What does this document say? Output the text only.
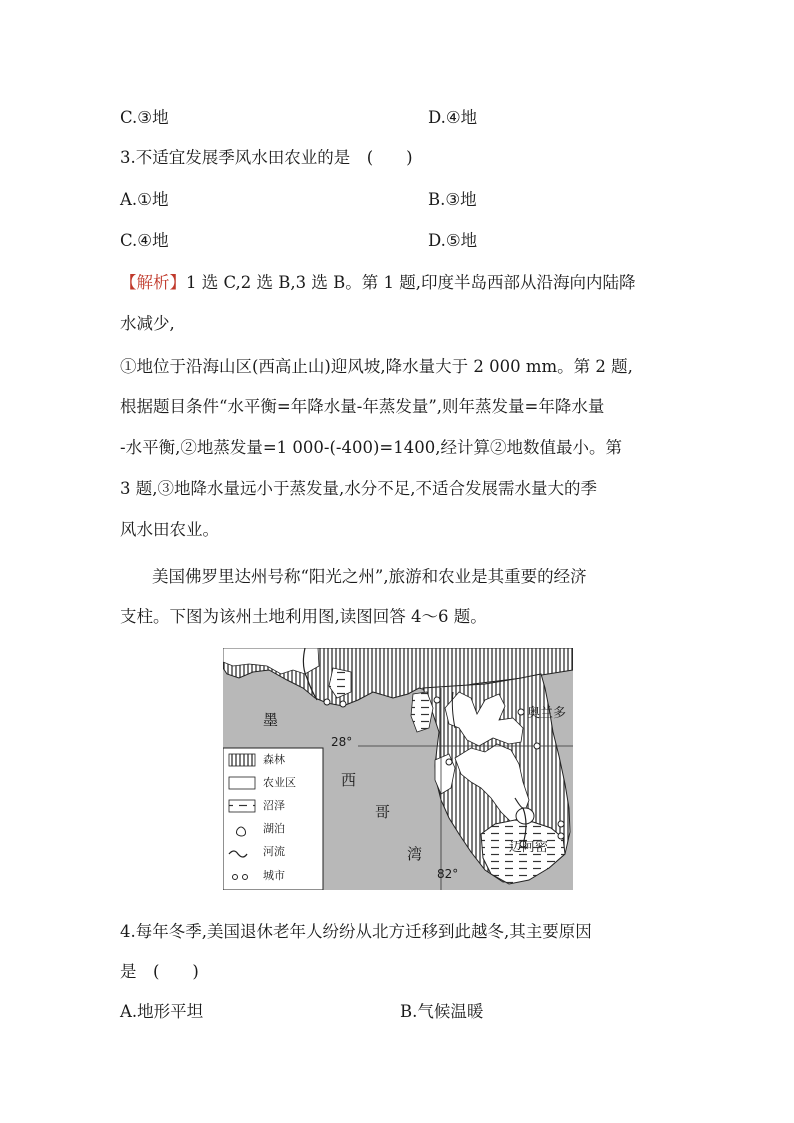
C.③地	D.④地
3.不适宜发展季风水田农业的是　(　　)
A.①地	B.③地
C.④地	D.⑤地
【解析】1 选 C,2 选 B,3 选 B。第 1 题,印度半岛西部从沿海向内陆降
水减少,
①地位于沿海山区(西高止山)迎风坡,降水量大于 2 000 mm。第 2 题,
根据题目条件“水平衡=年降水量-年蒸发量”,则年蒸发量=年降水量
-水平衡,②地蒸发量=1 000-(-400)=1400,经计算②地数值最小。第
3 题,③地降水量远小于蒸发量,水分不足,不适合发展需水量大的季
风水田农业。
美国佛罗里达州号称“阳光之州”,旅游和农业是其重要的经济
支柱。下图为该州土地利用图,读图回答 4～6 题。
墨
西
哥
湾
28°
82°
奥兰多
迈阿密
森林
农业区
沼泽
湖泊
河流
城市
4.每年冬季,美国退休老年人纷纷从北方迁移到此越冬,其主要原因
是　(　　)
A.地形平坦	B.气候温暖
